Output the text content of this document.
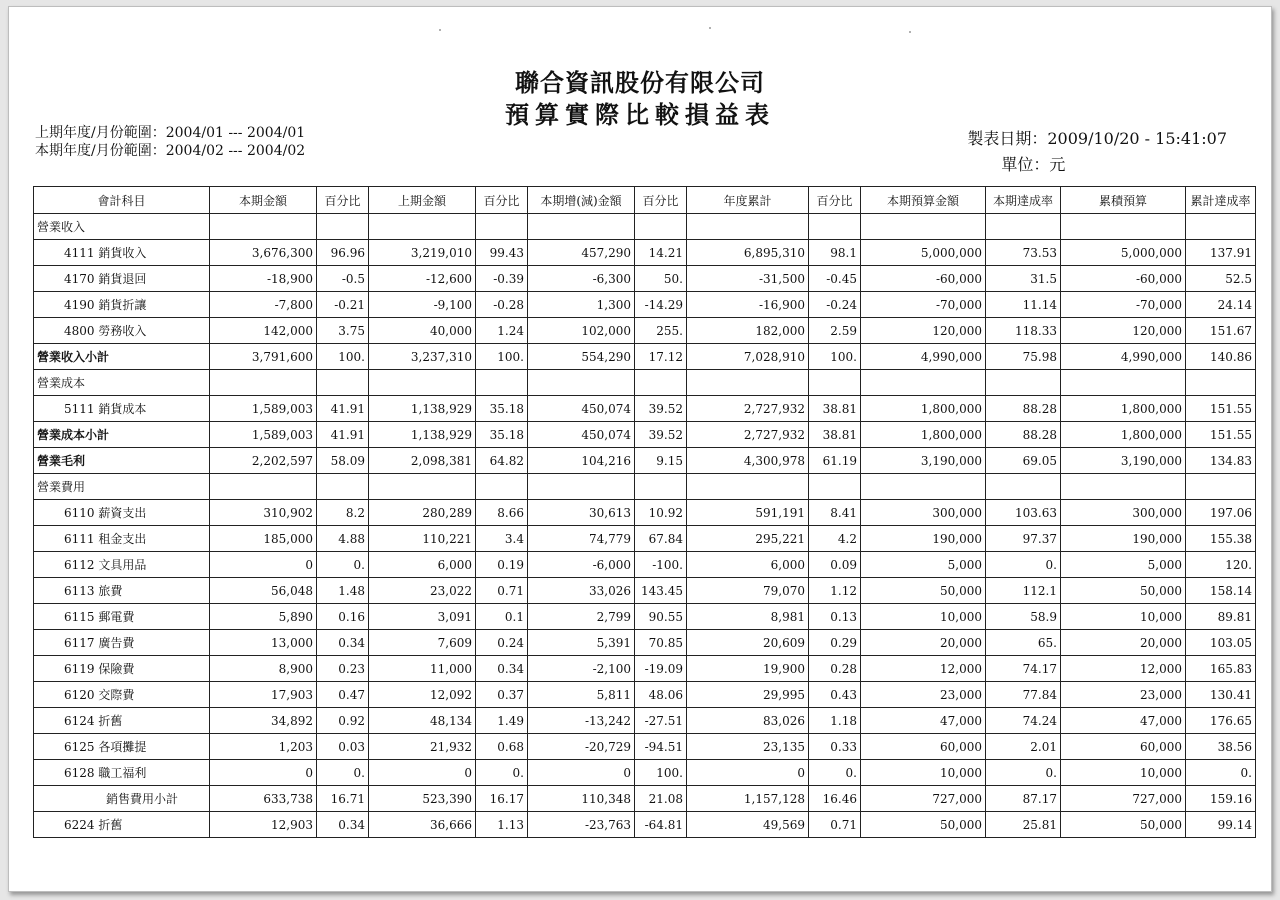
聯合資訊股份有限公司
預算實際比較損益表
上期年度/月份範圍：2004/01 --- 2004/01
本期年度/月份範圍：2004/02 --- 2004/02
製表日期：2009/10/20 - 15:41:07
單位：元
會計科目	本期金額	百分比	上期金額	百分比	本期增(減)金額	百分比	年度累計	百分比	本期預算金額	本期達成率	累積預算	累計達成率
營業收入												
4111 銷貨收入	3,676,300	96.96	3,219,010	99.43	457,290	14.21	6,895,310	98.1	5,000,000	73.53	5,000,000	137.91
4170 銷貨退回	-18,900	-0.5	-12,600	-0.39	-6,300	50.	-31,500	-0.45	-60,000	31.5	-60,000	52.5
4190 銷貨折讓	-7,800	-0.21	-9,100	-0.28	1,300	-14.29	-16,900	-0.24	-70,000	11.14	-70,000	24.14
4800 勞務收入	142,000	3.75	40,000	1.24	102,000	255.	182,000	2.59	120,000	118.33	120,000	151.67
營業收入小計	3,791,600	100.	3,237,310	100.	554,290	17.12	7,028,910	100.	4,990,000	75.98	4,990,000	140.86
營業成本												
5111 銷貨成本	1,589,003	41.91	1,138,929	35.18	450,074	39.52	2,727,932	38.81	1,800,000	88.28	1,800,000	151.55
營業成本小計	1,589,003	41.91	1,138,929	35.18	450,074	39.52	2,727,932	38.81	1,800,000	88.28	1,800,000	151.55
營業毛利	2,202,597	58.09	2,098,381	64.82	104,216	9.15	4,300,978	61.19	3,190,000	69.05	3,190,000	134.83
營業費用												
6110 薪資支出	310,902	8.2	280,289	8.66	30,613	10.92	591,191	8.41	300,000	103.63	300,000	197.06
6111 租金支出	185,000	4.88	110,221	3.4	74,779	67.84	295,221	4.2	190,000	97.37	190,000	155.38
6112 文具用品	0	0.	6,000	0.19	-6,000	-100.	6,000	0.09	5,000	0.	5,000	120.
6113 旅費	56,048	1.48	23,022	0.71	33,026	143.45	79,070	1.12	50,000	112.1	50,000	158.14
6115 郵電費	5,890	0.16	3,091	0.1	2,799	90.55	8,981	0.13	10,000	58.9	10,000	89.81
6117 廣告費	13,000	0.34	7,609	0.24	5,391	70.85	20,609	0.29	20,000	65.	20,000	103.05
6119 保險費	8,900	0.23	11,000	0.34	-2,100	-19.09	19,900	0.28	12,000	74.17	12,000	165.83
6120 交際費	17,903	0.47	12,092	0.37	5,811	48.06	29,995	0.43	23,000	77.84	23,000	130.41
6124 折舊	34,892	0.92	48,134	1.49	-13,242	-27.51	83,026	1.18	47,000	74.24	47,000	176.65
6125 各項攤提	1,203	0.03	21,932	0.68	-20,729	-94.51	23,135	0.33	60,000	2.01	60,000	38.56
6128 職工福利	0	0.	0	0.	0	100.	0	0.	10,000	0.	10,000	0.
銷售費用小計	633,738	16.71	523,390	16.17	110,348	21.08	1,157,128	16.46	727,000	87.17	727,000	159.16
6224 折舊	12,903	0.34	36,666	1.13	-23,763	-64.81	49,569	0.71	50,000	25.81	50,000	99.14
